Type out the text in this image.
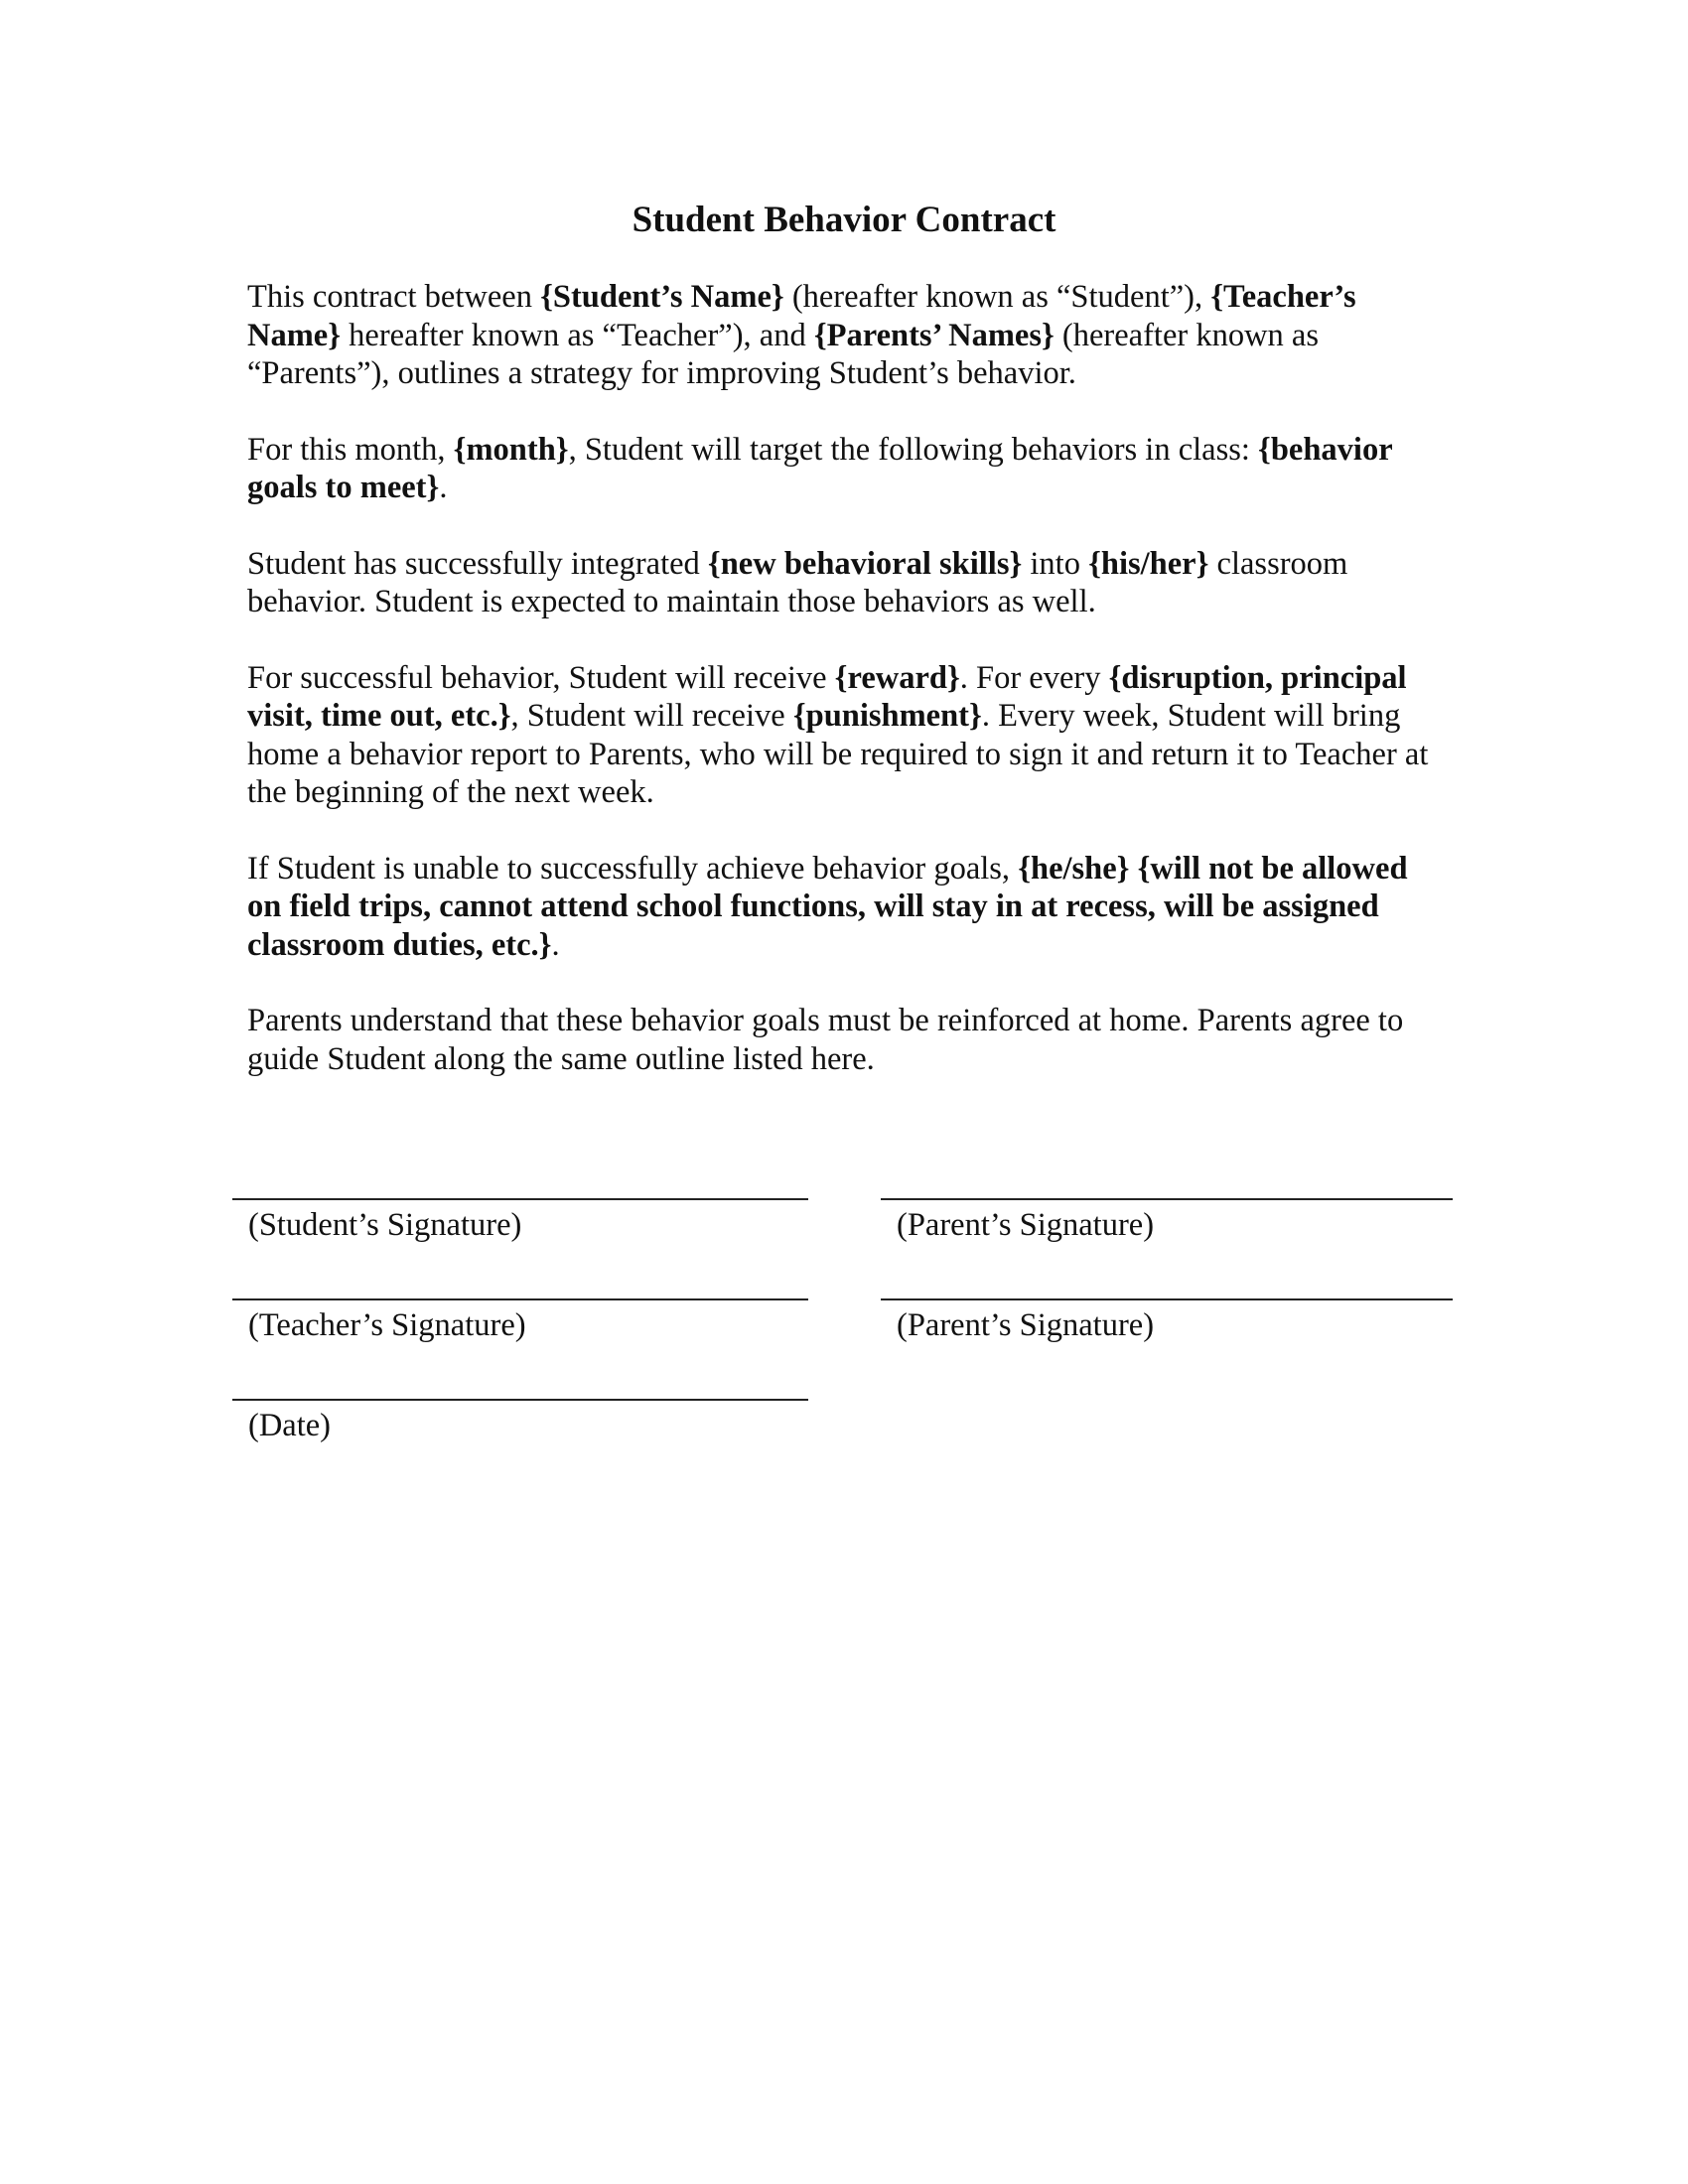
Student Behavior Contract

This contract between {Student’s Name} (hereafter known as “Student”), {Teacher’s Name} hereafter known as “Teacher”), and {Parents’ Names} (hereafter known as “Parents”), outlines a strategy for improving Student’s behavior.

For this month, {month}, Student will target the following behaviors in class: {behavior goals to meet}.

Student has successfully integrated {new behavioral skills} into {his/her} classroom behavior. Student is expected to maintain those behaviors as well.

For successful behavior, Student will receive {reward}. For every {disruption, principal visit, time out, etc.}, Student will receive {punishment}. Every week, Student will bring home a behavior report to Parents, who will be required to sign it and return it to Teacher at the beginning of the next week.

If Student is unable to successfully achieve behavior goals, {he/she} {will not be allowed on field trips, cannot attend school functions, will stay in at recess, will be assigned classroom duties, etc.}.

Parents understand that these behavior goals must be reinforced at home. Parents agree to guide Student along the same outline listed here.

(Student’s Signature)	(Parent’s Signature)
(Teacher’s Signature)	(Parent’s Signature)
(Date)
